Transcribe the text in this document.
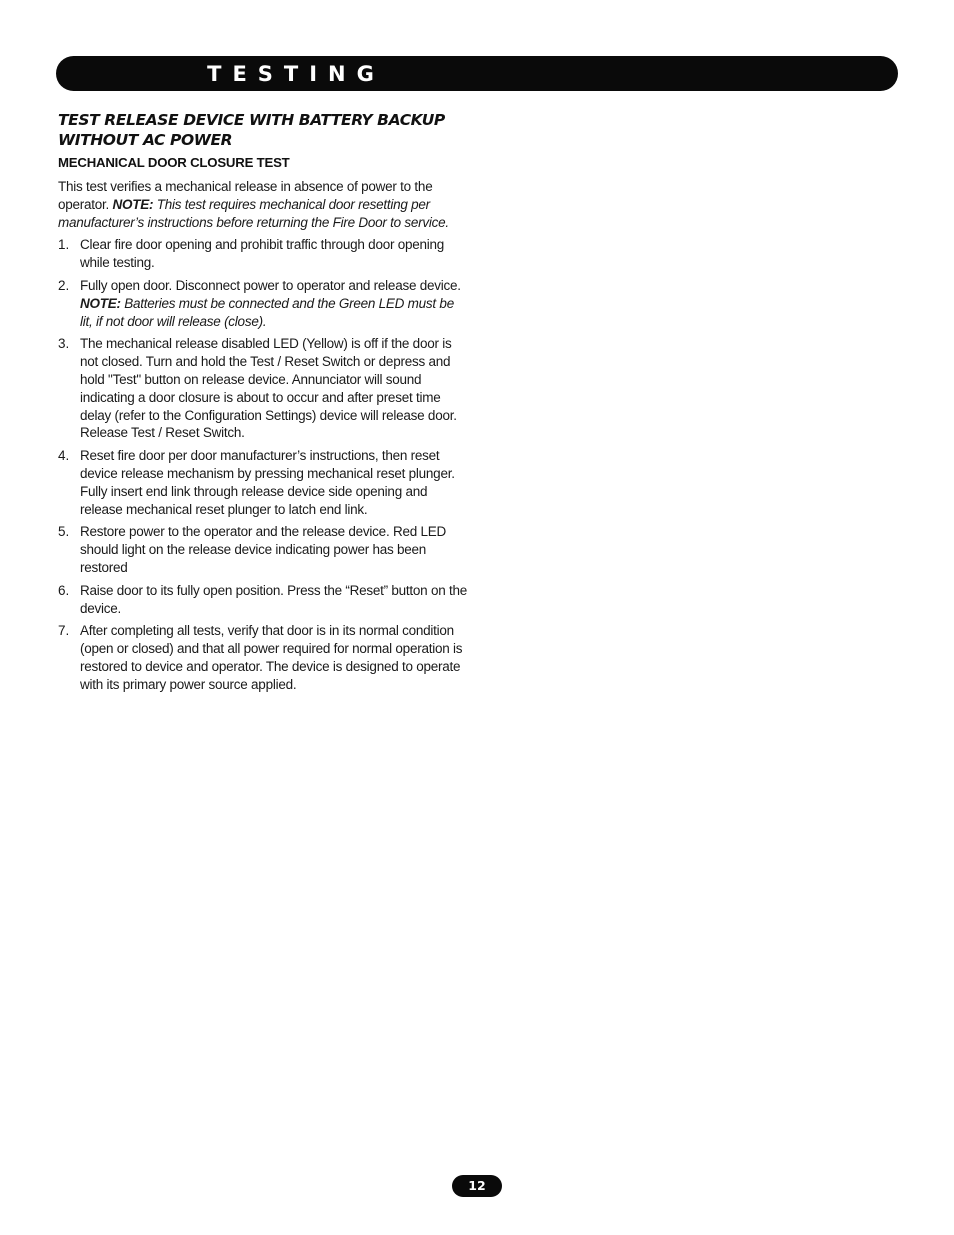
TESTING
TEST RELEASE DEVICE WITH BATTERY BACKUP WITHOUT AC POWER
MECHANICAL DOOR CLOSURE TEST

This test verifies a mechanical release in absence of power to the operator. NOTE: This test requires mechanical door resetting per manufacturer’s instructions before returning the Fire Door to service.

1. Clear fire door opening and prohibit traffic through door opening while testing.
2. Fully open door. Disconnect power to operator and release device. NOTE: Batteries must be connected and the Green LED must be lit, if not door will release (close).
3. The mechanical release disabled LED (Yellow) is off if the door is not closed. Turn and hold the Test / Reset Switch or depress and hold "Test" button on release device. Annunciator will sound indicating a door closure is about to occur and after preset time delay (refer to the Configuration Settings) device will release door. Release Test / Reset Switch.
4. Reset fire door per door manufacturer’s instructions, then reset device release mechanism by pressing mechanical reset plunger. Fully insert end link through release device side opening and release mechanical reset plunger to latch end link.
5. Restore power to the operator and the release device. Red LED should light on the release device indicating power has been restored
6. Raise door to its fully open position. Press the “Reset” button on the device.
7. After completing all tests, verify that door is in its normal condition (open or closed) and that all power required for normal operation is restored to device and operator. The device is designed to operate with its primary power source applied.
12
